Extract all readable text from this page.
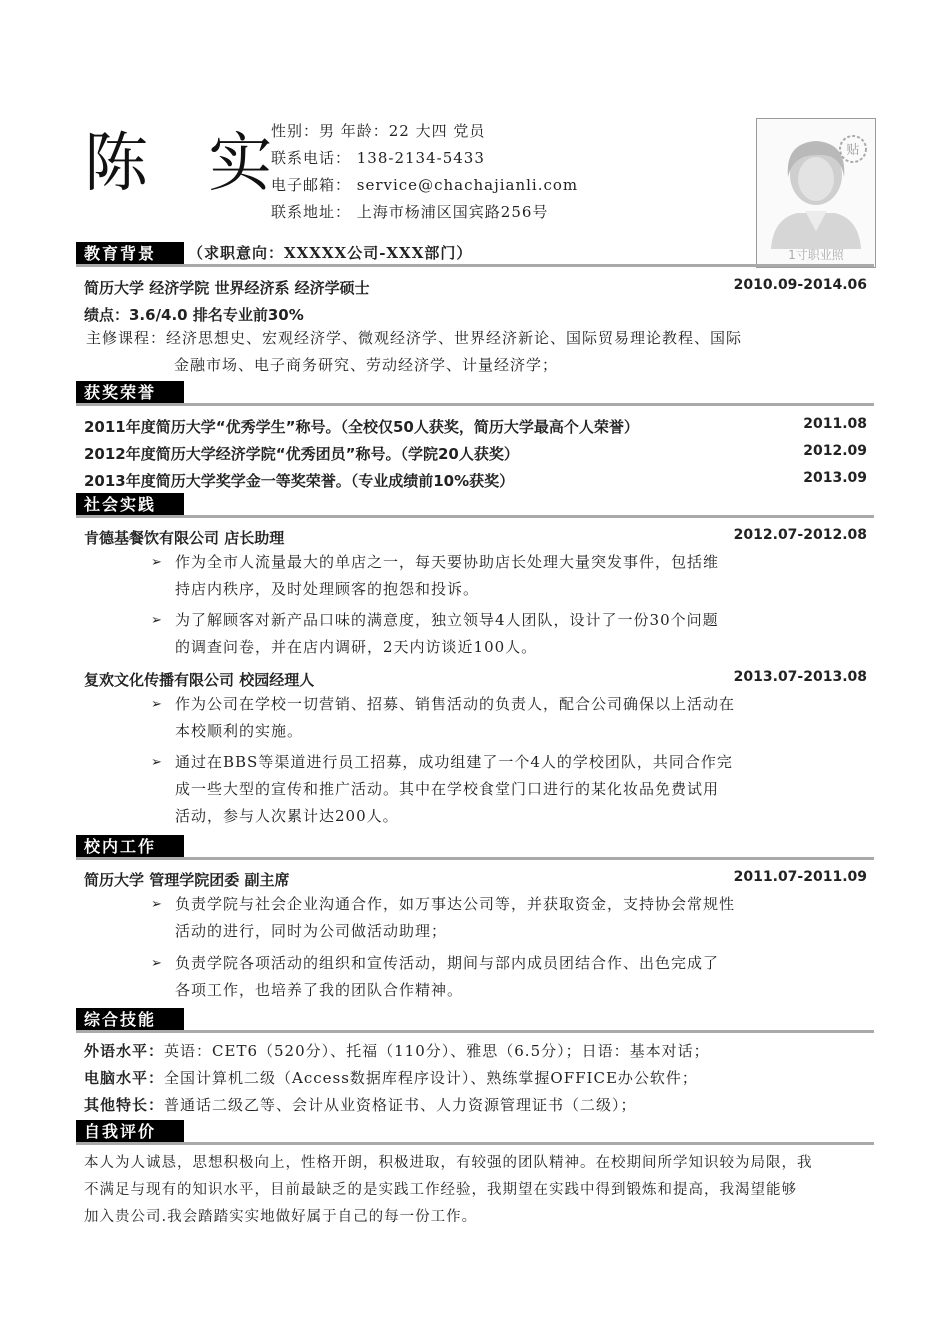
陈 实
性别：男 年龄：22 大四 党员
联系电话： 138-2134-5433
电子邮箱： service@chachajianli.com
联系地址： 上海市杨浦区国宾路256号
贴
1寸职业照
教育背景	（求职意向：XXXXX公司-XXX部门）
简历大学 经济学院 世界经济系 经济学硕士	2010.09-2014.06
绩点：3.6/4.0 排名专业前30%
主修课程：经济思想史、宏观经济学、微观经济学、世界经济新论、国际贸易理论教程、国际
金融市场、电子商务研究、劳动经济学、计量经济学；
获奖荣誉
2011年度简历大学“优秀学生”称号。（全校仅50人获奖，简历大学最高个人荣誉）	2011.08
2012年度简历大学经济学院“优秀团员”称号。（学院20人获奖）	2012.09
2013年度简历大学奖学金一等奖荣誉。（专业成绩前10%获奖）	2013.09
社会实践
肯德基餐饮有限公司 店长助理	2012.07-2012.08
➢ 作为全市人流量最大的单店之一，每天要协助店长处理大量突发事件，包括维
持店内秩序，及时处理顾客的抱怨和投诉。
➢ 为了解顾客对新产品口味的满意度，独立领导4人团队，设计了一份30个问题
的调查问卷，并在店内调研，2天内访谈近100人。
复欢文化传播有限公司 校园经理人	2013.07-2013.08
➢ 作为公司在学校一切营销、招募、销售活动的负责人，配合公司确保以上活动在
本校顺利的实施。
➢ 通过在BBS等渠道进行员工招募，成功组建了一个4人的学校团队，共同合作完
成一些大型的宣传和推广活动。其中在学校食堂门口进行的某化妆品免费试用
活动，参与人次累计达200人。
校内工作
简历大学 管理学院团委 副主席	2011.07-2011.09
➢ 负责学院与社会企业沟通合作，如万事达公司等，并获取资金，支持协会常规性
活动的进行，同时为公司做活动助理；
➢ 负责学院各项活动的组织和宣传活动，期间与部内成员团结合作、出色完成了
各项工作，也培养了我的团队合作精神。
综合技能
外语水平：英语：CET6（520分）、托福（110分）、雅思（6.5分）；日语：基本对话；
电脑水平：全国计算机二级（Access数据库程序设计）、熟练掌握OFFICE办公软件；
其他特长：普通话二级乙等、会计从业资格证书、人力资源管理证书（二级）；
自我评价
本人为人诚恳，思想积极向上，性格开朗，积极进取，有较强的团队精神。在校期间所学知识较为局限，我
不满足与现有的知识水平，目前最缺乏的是实践工作经验，我期望在实践中得到锻炼和提高，我渴望能够
加入贵公司.我会踏踏实实地做好属于自己的每一份工作。
